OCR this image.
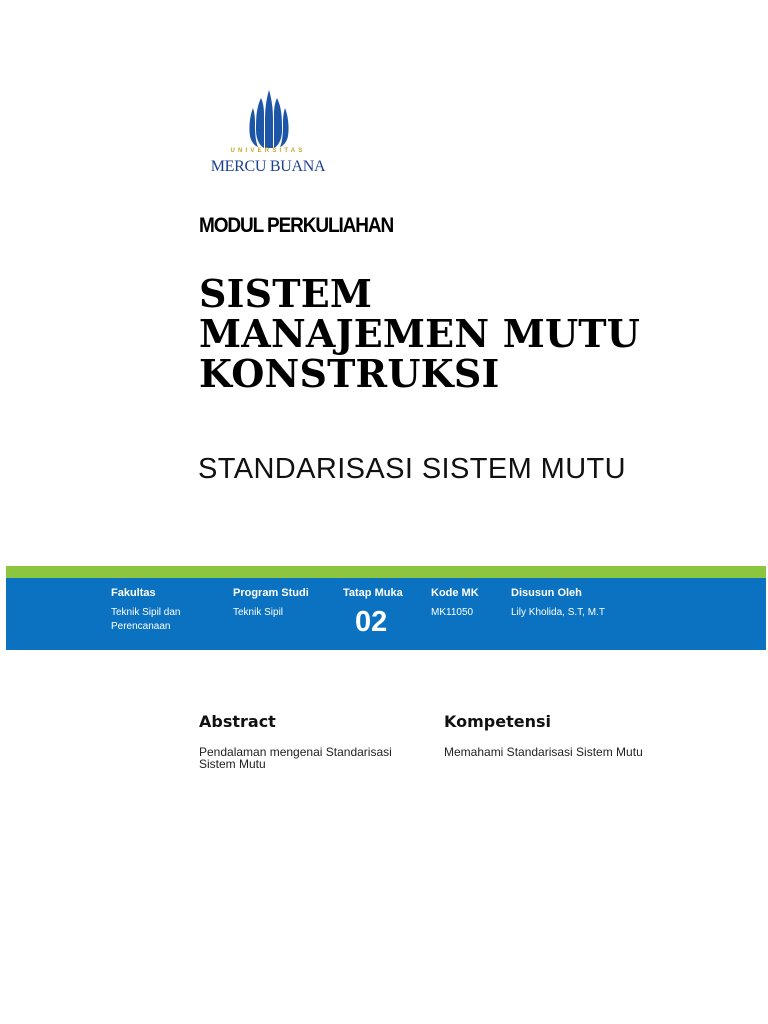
UNIVERSITAS
MERCU BUANA
MODUL PERKULIAHAN
SISTEM
MANAJEMEN MUTU
KONSTRUKSI
STANDARISASI SISTEM MUTU
Fakultas
Teknik Sipil dan
Perencanaan
Program Studi
Teknik Sipil
Tatap Muka
02
Kode MK
MK11050
Disusun Oleh
Lily Kholida, S.T, M.T
Abstract
Pendalaman mengenai Standarisasi Sistem Mutu
Kompetensi
Memahami Standarisasi Sistem Mutu
